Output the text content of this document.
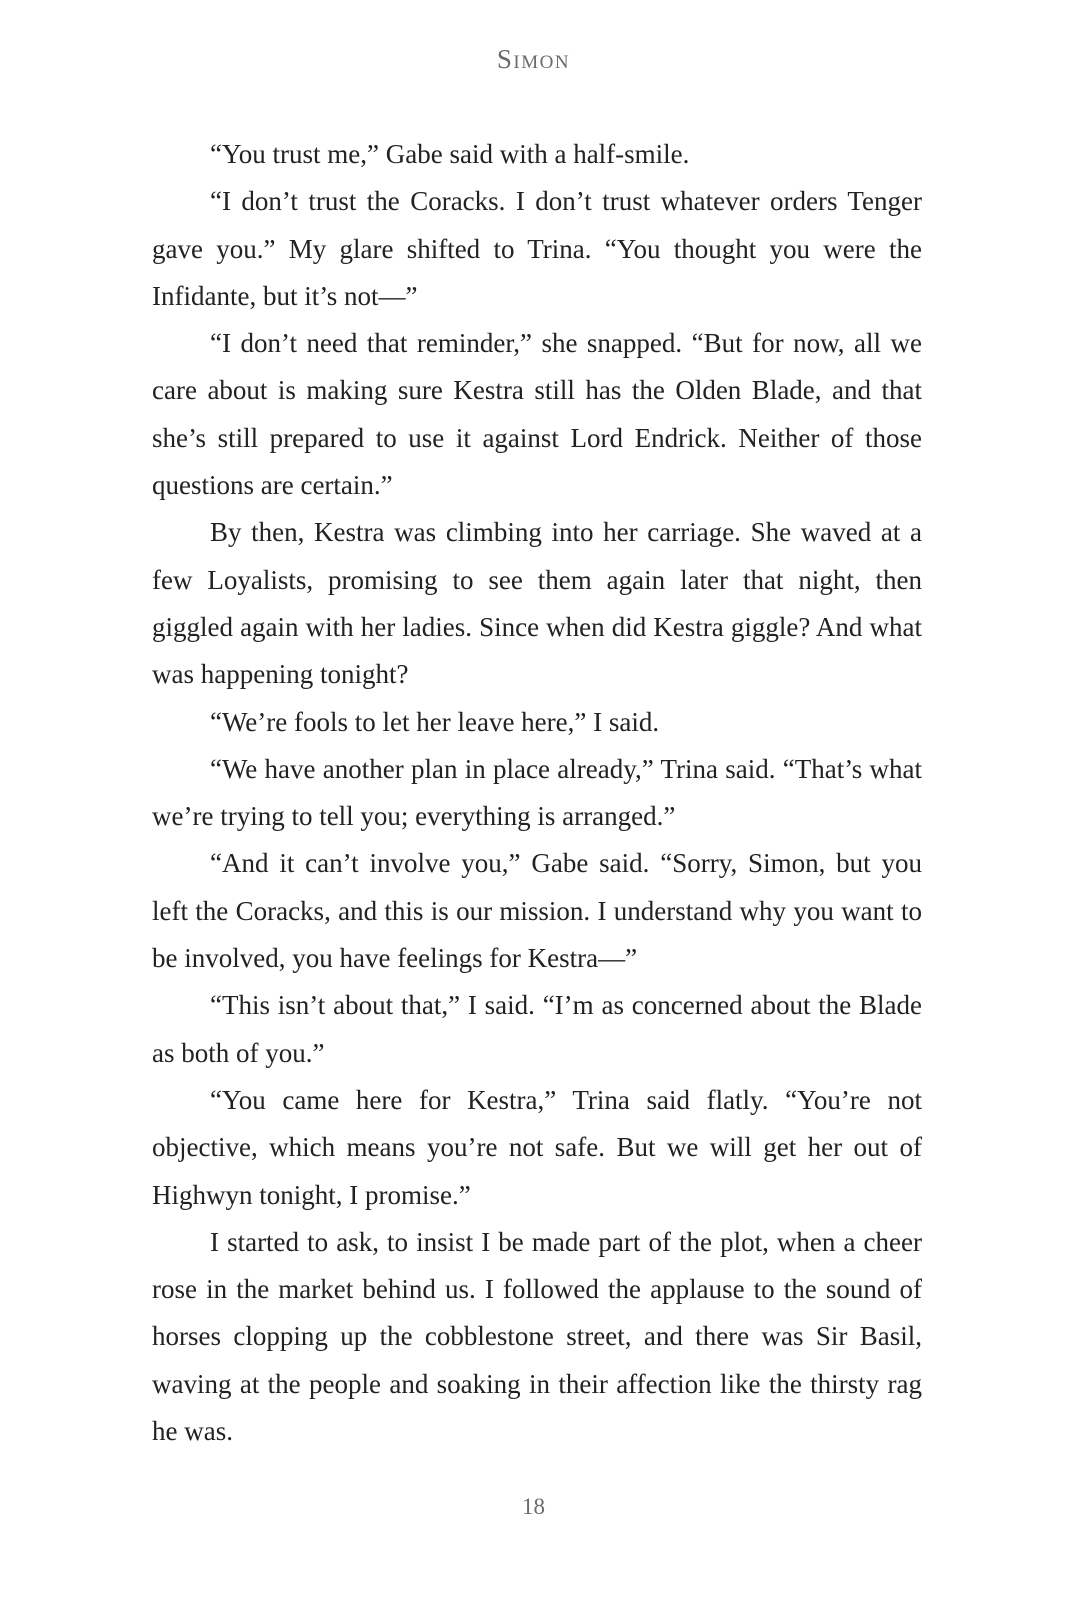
Simon

“You trust me,” Gabe said with a half-smile.

“I don’t trust the Coracks. I don’t trust whatever orders Tenger gave you.” My glare shifted to Trina. “You thought you were the Infidante, but it’s not—”

“I don’t need that reminder,” she snapped. “But for now, all we care about is making sure Kestra still has the Olden Blade, and that she’s still prepared to use it against Lord Endrick. Neither of those questions are certain.”

By then, Kestra was climbing into her carriage. She waved at a few Loyalists, promising to see them again later that night, then giggled again with her ladies. Since when did Kestra giggle? And what was happening tonight?

“We’re fools to let her leave here,” I said.

“We have another plan in place already,” Trina said. “That’s what we’re trying to tell you; everything is arranged.”

“And it can’t involve you,” Gabe said. “Sorry, Simon, but you left the Coracks, and this is our mission. I understand why you want to be involved, you have feelings for Kestra—”

“This isn’t about that,” I said. “I’m as concerned about the Blade as both of you.”

“You came here for Kestra,” Trina said flatly. “You’re not objective, which means you’re not safe. But we will get her out of Highwyn tonight, I promise.”

I started to ask, to insist I be made part of the plot, when a cheer rose in the market behind us. I followed the applause to the sound of horses clopping up the cobblestone street, and there was Sir Basil, waving at the people and soaking in their affection like the thirsty rag he was.

18
